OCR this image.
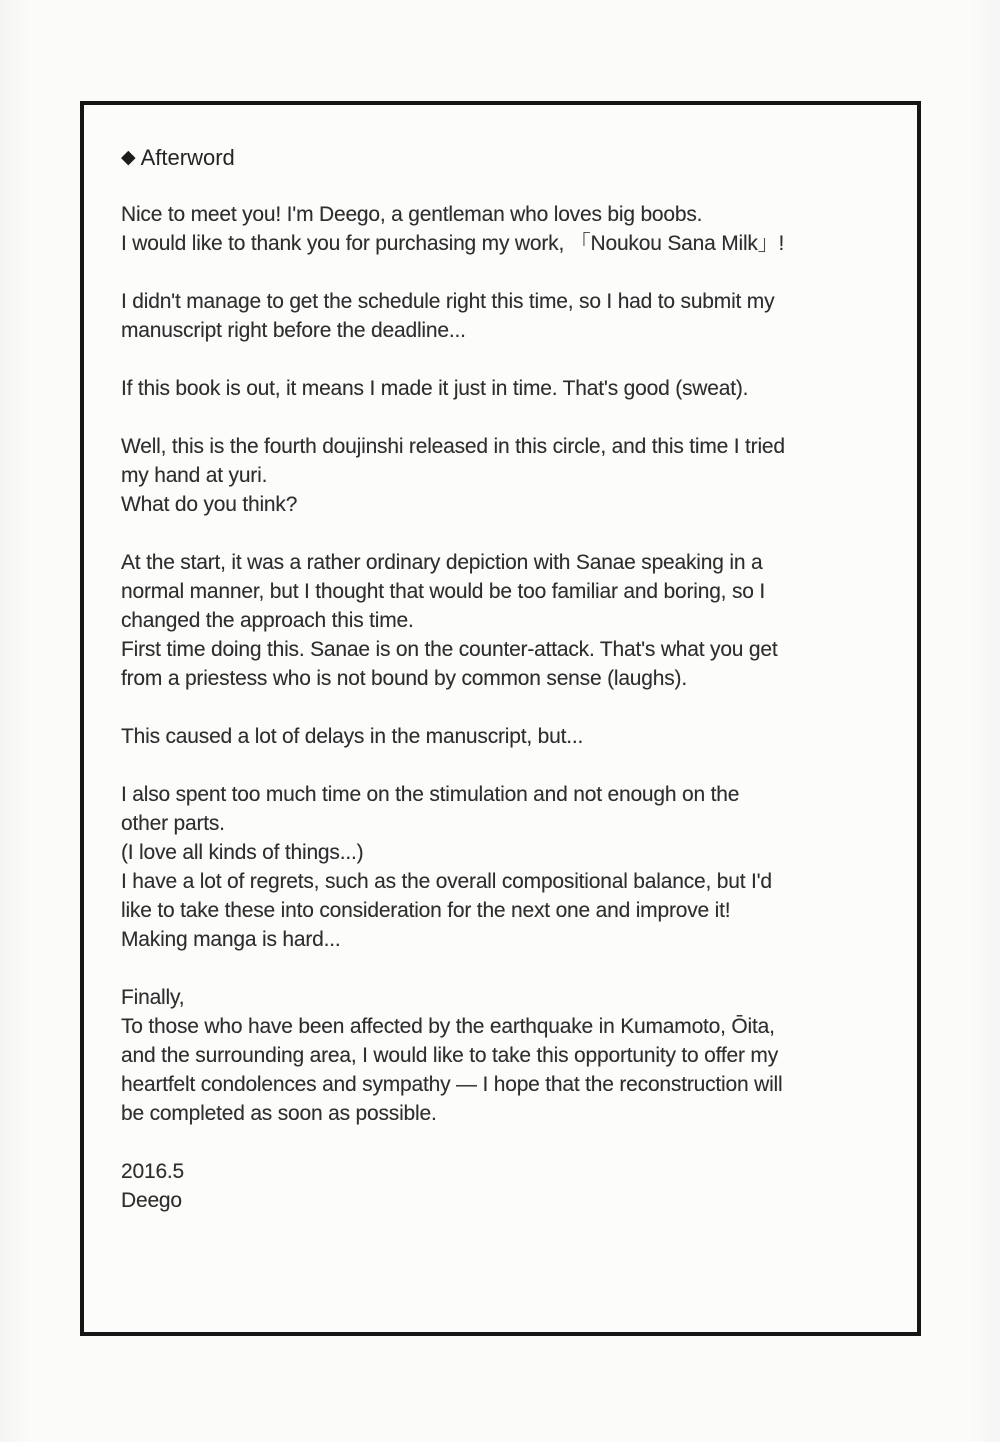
◆ Afterword
Nice to meet you! I'm Deego, a gentleman who loves big boobs.
I would like to thank you for purchasing my work, 「Noukou Sana Milk」!
I didn't manage to get the schedule right this time, so I had to submit my
manuscript right before the deadline...
If this book is out, it means I made it just in time. That's good (sweat).
Well, this is the fourth doujinshi released in this circle, and this time I tried
my hand at yuri.
What do you think?
At the start, it was a rather ordinary depiction with Sanae speaking in a
normal manner, but I thought that would be too familiar and boring, so I
changed the approach this time.
First time doing this. Sanae is on the counter-attack. That's what you get
from a priestess who is not bound by common sense (laughs).
This caused a lot of delays in the manuscript, but...
I also spent too much time on the stimulation and not enough on the
other parts.
(I love all kinds of things...)
I have a lot of regrets, such as the overall compositional balance, but I'd
like to take these into consideration for the next one and improve it!
Making manga is hard...
Finally,
To those who have been affected by the earthquake in Kumamoto, Ōita,
and the surrounding area, I would like to take this opportunity to offer my
heartfelt condolences and sympathy — I hope that the reconstruction will
be completed as soon as possible.
2016.5
Deego
